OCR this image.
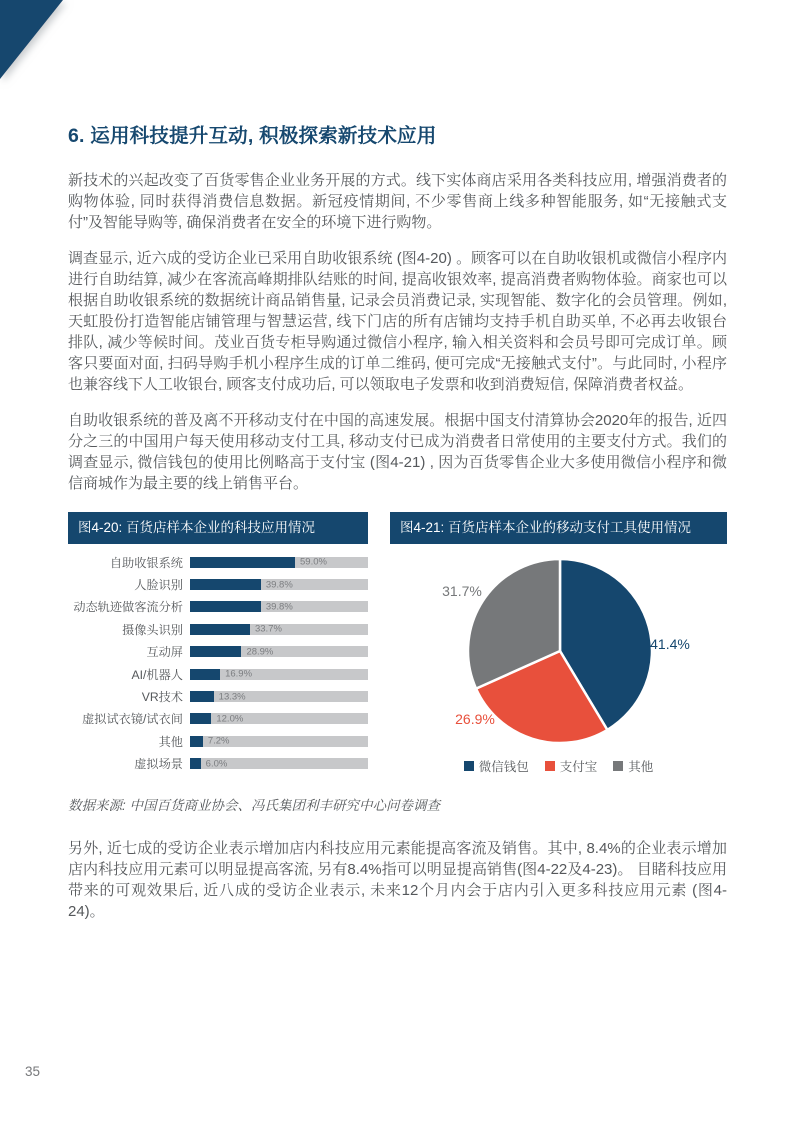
6. 运用科技提升互动, 积极探索新技术应用

新技术的兴起改变了百货零售企业业务开展的方式。线下实体商店采用各类科技应用, 增强消费者的购物体验, 同时获得消费信息数据。新冠疫情期间, 不少零售商上线多种智能服务, 如“无接触式支付”及智能导购等, 确保消费者在安全的环境下进行购物。

调查显示, 近六成的受访企业已采用自助收银系统 (图4-20) 。顾客可以在自助收银机或微信小程序内进行自助结算, 减少在客流高峰期排队结账的时间, 提高收银效率, 提高消费者购物体验。商家也可以根据自助收银系统的数据统计商品销售量, 记录会员消费记录, 实现智能、数字化的会员管理。例如, 天虹股份打造智能店铺管理与智慧运营, 线下门店的所有店铺均支持手机自助买单, 不必再去收银台排队, 减少等候时间。茂业百货专柜导购通过微信小程序, 输入相关资料和会员号即可完成订单。顾客只要面对面, 扫码导购手机小程序生成的订单二维码, 便可完成“无接触式支付”。与此同时, 小程序也兼容线下人工收银台, 顾客支付成功后, 可以领取电子发票和收到消费短信, 保障消费者权益。

自助收银系统的普及离不开移动支付在中国的高速发展。根据中国支付清算协会2020年的报告, 近四分之三的中国用户每天使用移动支付工具, 移动支付已成为消费者日常使用的主要支付方式。我们的调查显示, 微信钱包的使用比例略高于支付宝 (图4-21) , 因为百货零售企业大多使用微信小程序和微信商城作为最主要的线上销售平台。

图4-20: 百货店样本企业的科技应用情况
自助收银系统	59.0%
人脸识别	39.8%
动态轨迹做客流分析	39.8%
摄像头识别	33.7%
互动屏	28.9%
AI/机器人	16.9%
VR技术	13.3%
虚拟试衣镜/试衣间	12.0%
其他	7.2%
虚拟场景	6.0%
图4-21: 百货店样本企业的移动支付工具使用情况
41.4%
26.9%
31.7%
微信钱包 支付宝 其他

数据来源: 中国百货商业协会、冯氏集团利丰研究中心问卷调查

另外, 近七成的受访企业表示增加店内科技应用元素能提高客流及销售。其中, 8.4%的企业表示增加店内科技应用元素可以明显提高客流, 另有8.4%指可以明显提高销售(图4-22及4-23)。 目睹科技应用带来的可观效果后, 近八成的受访企业表示, 未来12个月内会于店内引入更多科技应用元素 (图4-24)。

35
